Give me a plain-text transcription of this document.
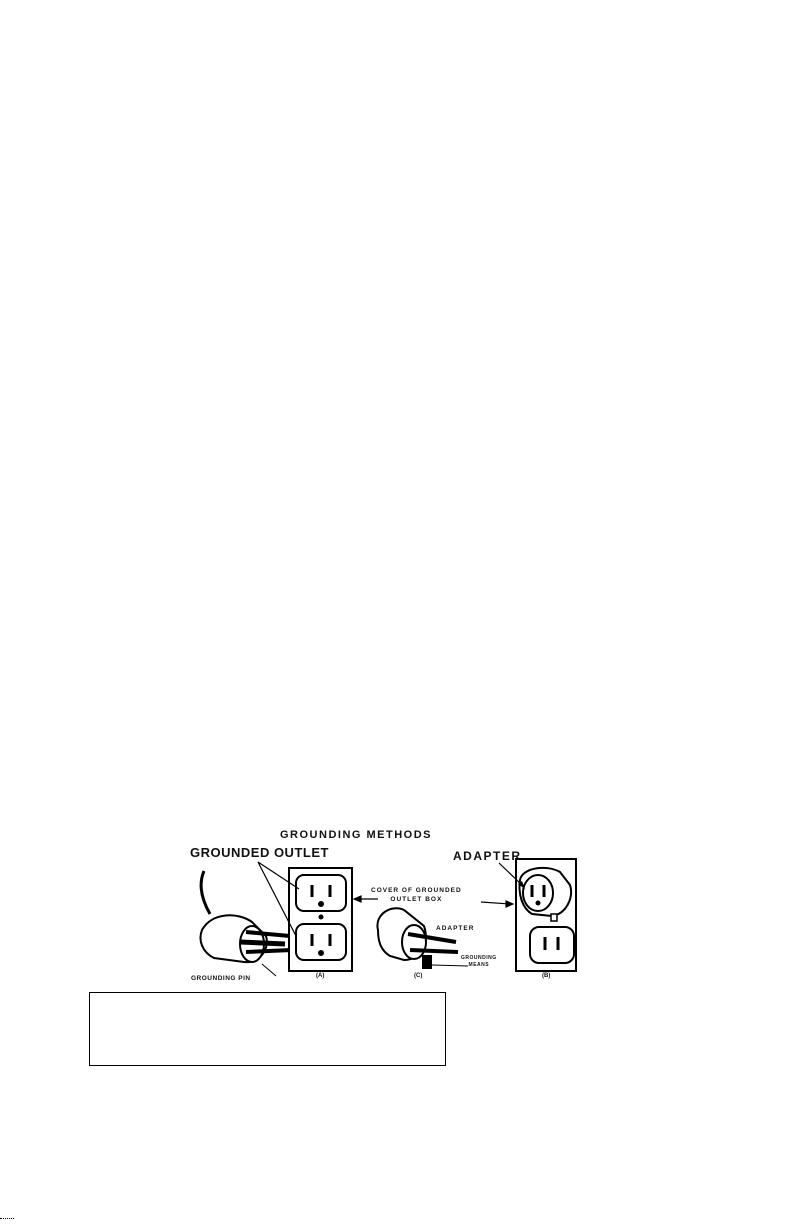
GROUNDING METHODS
GROUNDED OUTLET	ADAPTER
COVER OF GROUNDED
OUTLET BOX
ADAPTER
GROUNDING
MEANS
GROUNDING PIN	(A)	(C)	(B)
